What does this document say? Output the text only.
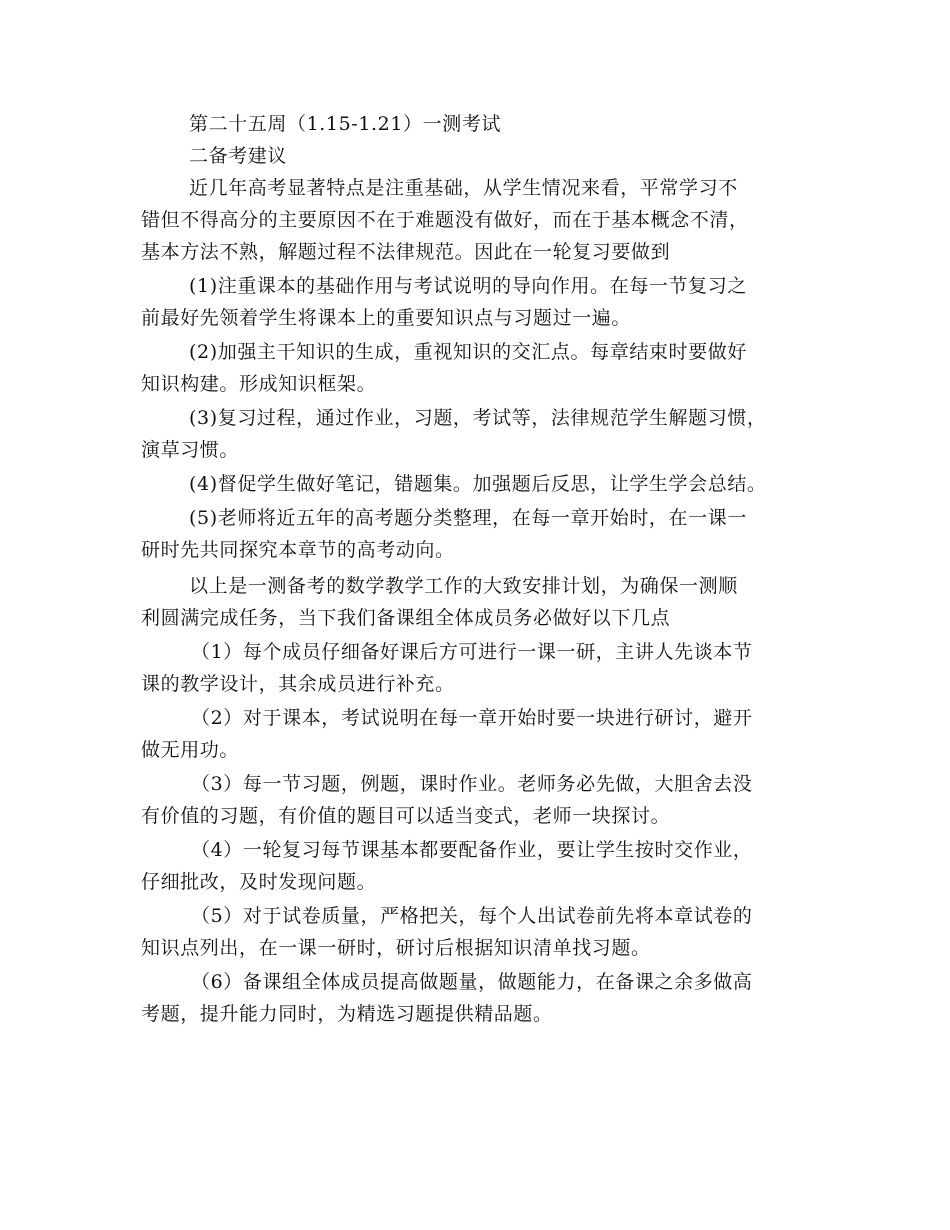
第二十五周（1.15-1.21）一测考试
二备考建议
近几年高考显著特点是注重基础，从学生情况来看，平常学习不
错但不得高分的主要原因不在于难题没有做好，而在于基本概念不清，
基本方法不熟，解题过程不法律规范。因此在一轮复习要做到
(1)注重课本的基础作用与考试说明的导向作用。在每一节复习之
前最好先领着学生将课本上的重要知识点与习题过一遍。
(2)加强主干知识的生成，重视知识的交汇点。每章结束时要做好
知识构建。形成知识框架。
(3)复习过程，通过作业，习题，考试等，法律规范学生解题习惯，
演草习惯。
(4)督促学生做好笔记，错题集。加强题后反思，让学生学会总结。
(5)老师将近五年的高考题分类整理，在每一章开始时，在一课一
研时先共同探究本章节的高考动向。
以上是一测备考的数学教学工作的大致安排计划，为确保一测顺
利圆满完成任务，当下我们备课组全体成员务必做好以下几点
（1）每个成员仔细备好课后方可进行一课一研，主讲人先谈本节
课的教学设计，其余成员进行补充。
（2）对于课本，考试说明在每一章开始时要一块进行研讨，避开
做无用功。
（3）每一节习题，例题，课时作业。老师务必先做，大胆舍去没
有价值的习题，有价值的题目可以适当变式，老师一块探讨。
（4）一轮复习每节课基本都要配备作业，要让学生按时交作业，
仔细批改，及时发现问题。
（5）对于试卷质量，严格把关，每个人出试卷前先将本章试卷的
知识点列出，在一课一研时，研讨后根据知识清单找习题。
（6）备课组全体成员提高做题量，做题能力，在备课之余多做高
考题，提升能力同时，为精选习题提供精品题。
